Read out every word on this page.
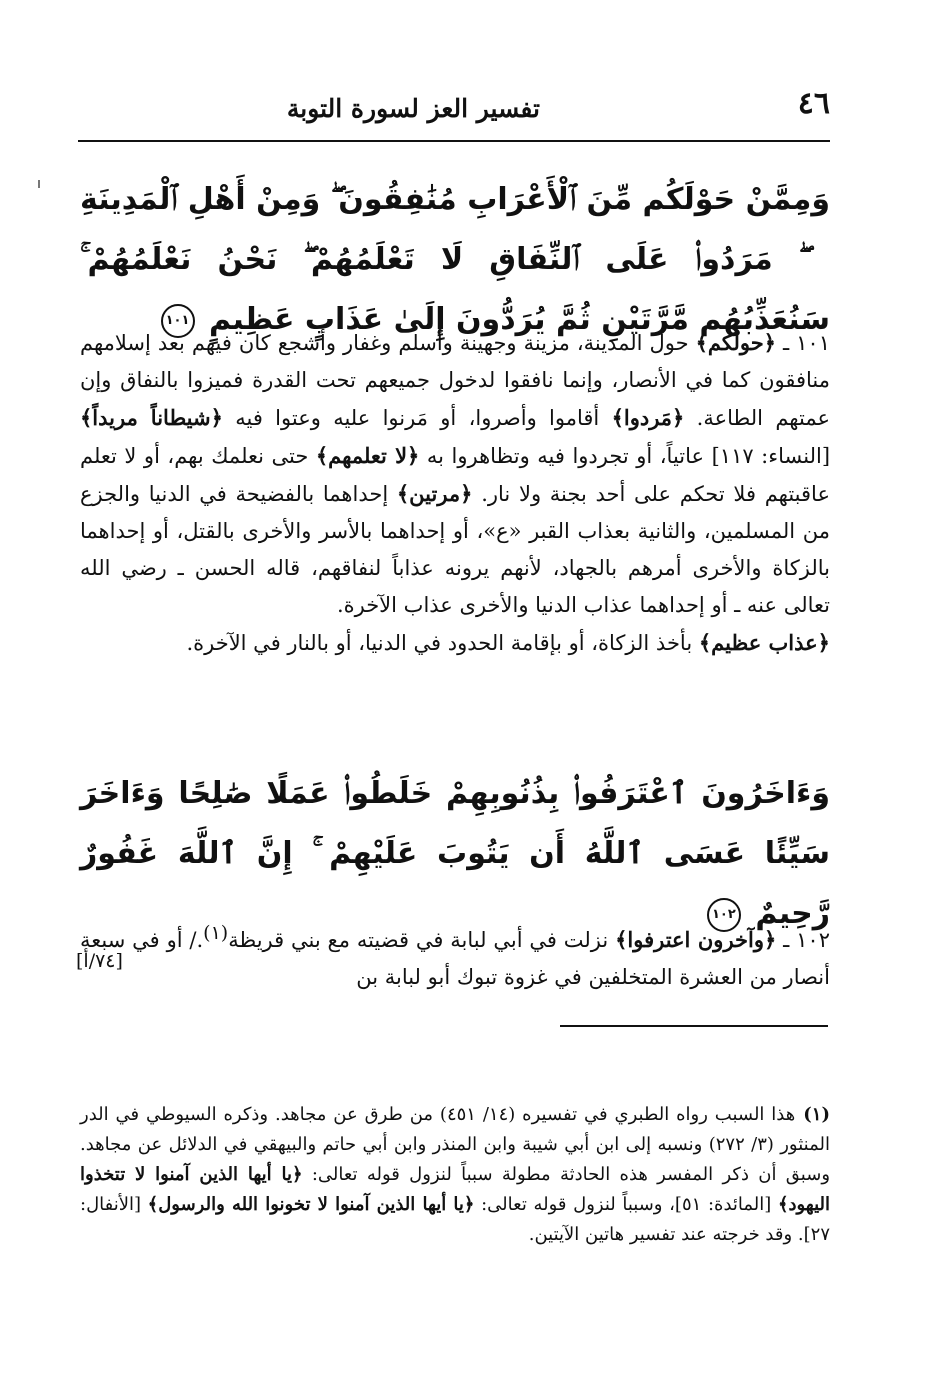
٤٦
تفسير العز لسورة التوبة
وَمِمَّنْ حَوْلَكُم مِّنَ ٱلْأَعْرَابِ مُنَٰفِقُونَ ۖ وَمِنْ أَهْلِ ٱلْمَدِينَةِ ۖ مَرَدُوا۟ عَلَى ٱلنِّفَاقِ لَا تَعْلَمُهُمْ ۖ نَحْنُ نَعْلَمُهُمْ ۚ سَنُعَذِّبُهُم مَّرَّتَيْنِ ثُمَّ يُرَدُّونَ إِلَىٰ عَذَابٍ عَظِيمٍ ١٠١

١٠١ ـ ﴿حولكم﴾ حول المدينة، مزينة وجهينة وأسلم وغفار وأشجع كان فيهم بعد إسلامهم منافقون كما في الأنصار، وإنما نافقوا لدخول جميعهم تحت القدرة فميزوا بالنفاق وإن عمتهم الطاعة. ﴿مَردوا﴾ أقاموا وأصروا، أو مَرنوا عليه وعتوا فيه ﴿شيطاناً مريداً﴾ [النساء: ١١٧] عاتياً، أو تجردوا فيه وتظاهروا به ﴿لا تعلمهم﴾ حتى نعلمك بهم، أو لا تعلم عاقبتهم فلا تحكم على أحد بجنة ولا نار. ﴿مرتين﴾ إحداهما بالفضيحة في الدنيا والجزع من المسلمين، والثانية بعذاب القبر «ع»، أو إحداهما بالأسر والأخرى بالقتل، أو إحداهما بالزكاة والأخرى أمرهم بالجهاد، لأنهم يرونه عذاباً لنفاقهم، قاله الحسن ـ رضي الله تعالى عنه ـ أو إحداهما عذاب الدنيا والأخرى عذاب الآخرة.

﴿عذاب عظيم﴾ بأخذ الزكاة، أو بإقامة الحدود في الدنيا، أو بالنار في الآخرة.

وَءَاخَرُونَ ٱعْتَرَفُوا۟ بِذُنُوبِهِمْ خَلَطُوا۟ عَمَلًا صَٰلِحًا وَءَاخَرَ سَيِّئًا عَسَى ٱللَّهُ أَن يَتُوبَ عَلَيْهِمْ ۚ إِنَّ ٱللَّهَ غَفُورٌ رَّحِيمٌ ١٠٢

١٠٢ ـ ﴿وآخرون اعترفوا﴾ نزلت في أبي لبابة في قضيته مع بني قريظة$^{(١)}$./ أو في سبعة أنصار من العشرة المتخلفين في غزوة تبوك أبو لبابة بن

[٧٤/أ]
(١)هذا السبب رواه الطبري في تفسيره (١٤/ ٤٥١) من طرق عن مجاهد. وذكره السيوطي في الدر المنثور (٣/ ٢٧٢) ونسبه إلى ابن أبي شيبة وابن المنذر وابن أبي حاتم والبيهقي في الدلائل عن مجاهد. وسبق أن ذكر المفسر هذه الحادثة مطولة سبباً لنزول قوله تعالى: ﴿يا أيها الذين آمنوا لا تتخذوا اليهود﴾ [المائدة: ٥١]، وسبباً لنزول قوله تعالى: ﴿يا أيها الذين آمنوا لا تخونوا الله والرسول﴾ [الأنفال: ٢٧]. وقد خرجته عند تفسير هاتين الآيتين.
